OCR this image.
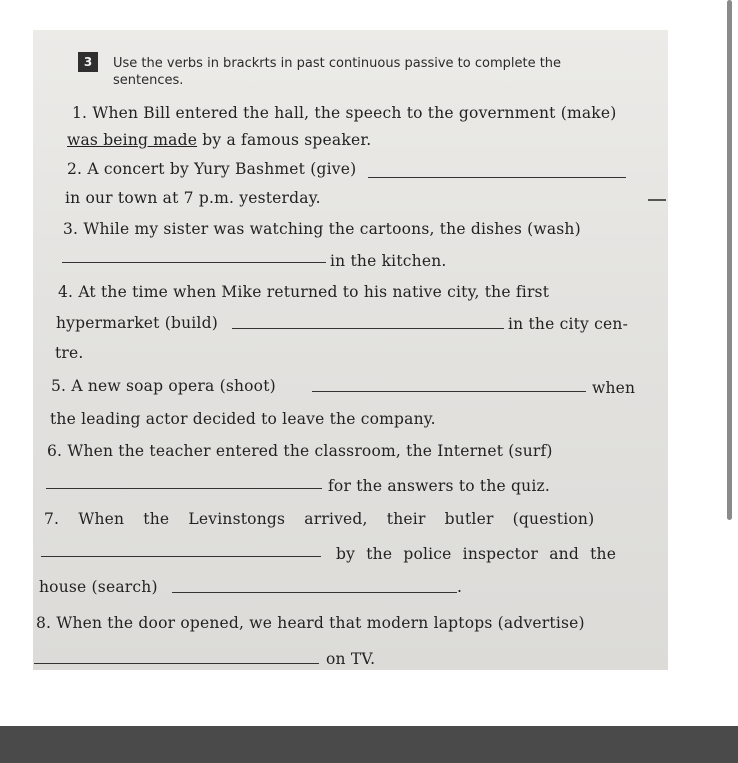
3	Use the verbs in brackrts in past continuous passive to complete the
sentences.
1. When Bill entered the hall, the speech to the government (make)
was being made by a famous speaker.
2. A concert by Yury Bashmet (give)
in our town at 7 p.m. yesterday.
3. While my sister was watching the cartoons, the dishes (wash)
in the kitchen.
4. At the time when Mike returned to his native city, the first
hypermarket (build)	in the city cen-
tre.
5. A new soap opera (shoot)	when
the leading actor decided to leave the company.
6. When the teacher entered the classroom, the Internet (surf)
for the answers to the quiz.
7. When the Levinstongs arrived, their butler (question)
by the police inspector and the
house (search)	.
8. When the door opened, we heard that modern laptops (advertise)
on TV.
